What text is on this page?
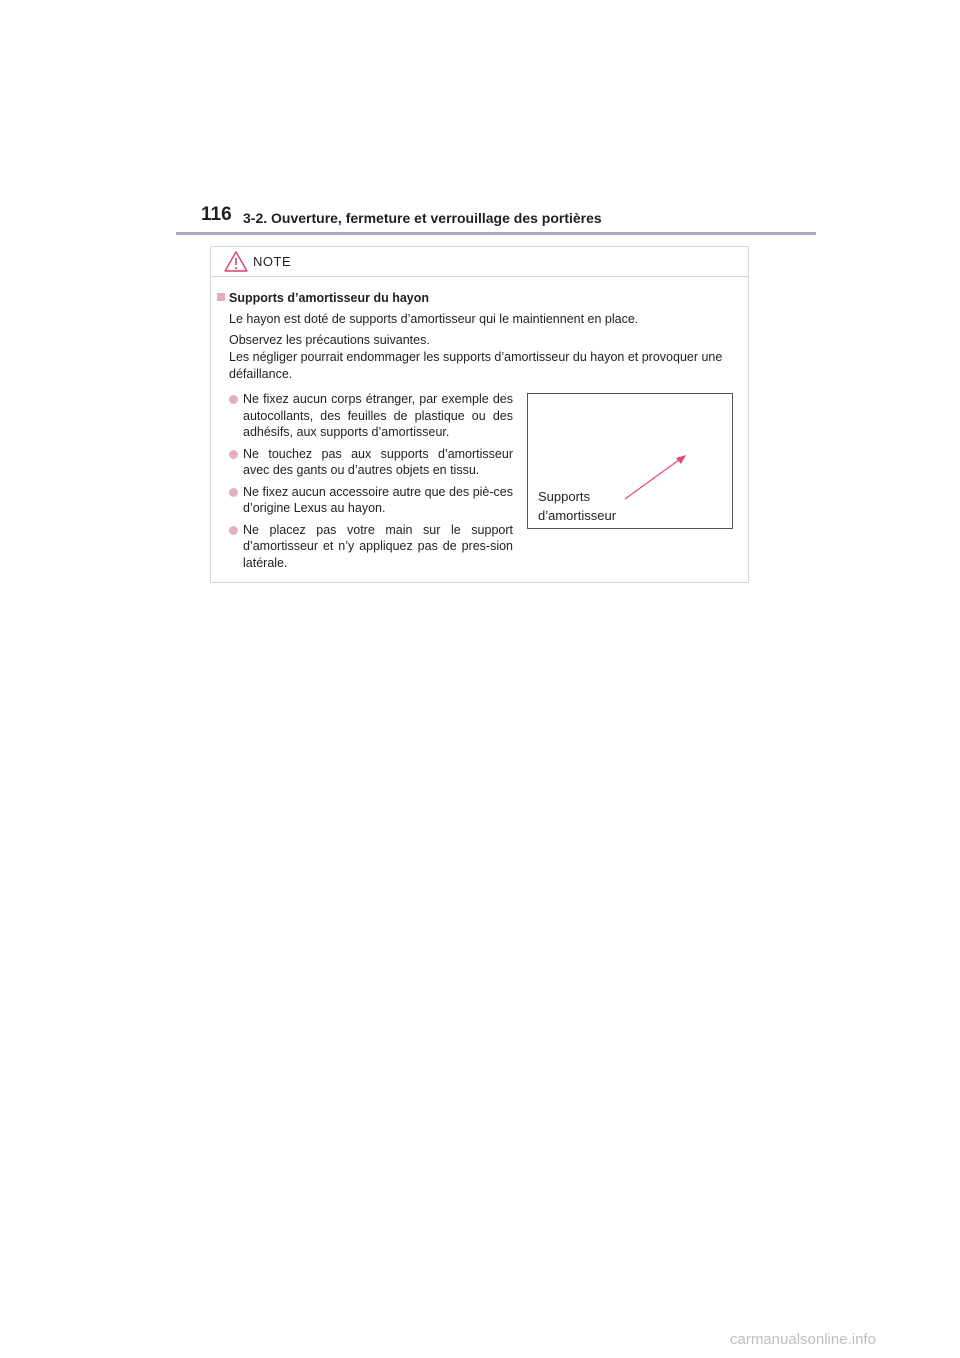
116 3-2. Ouverture, fermeture et verrouillage des portières
NOTE
Supports d’amortisseur du hayon
Le hayon est doté de supports d’amortisseur qui le maintiennent en place.
Observez les précautions suivantes.
Les négliger pourrait endommager les supports d’amortisseur du hayon et provoquer une défaillance.
Ne fixez aucun corps étranger, par exemple des autocollants, des feuilles de plastique ou des adhésifs, aux supports d’amortisseur.
Ne touchez pas aux supports d’amortisseur avec des gants ou d’autres objets en tissu.
Ne fixez aucun accessoire autre que des piè-ces d’origine Lexus au hayon.
Ne placez pas votre main sur le support d’amortisseur et n’y appliquez pas de pres-sion latérale.
Supports
d’amortisseur
carmanualsonline.info
